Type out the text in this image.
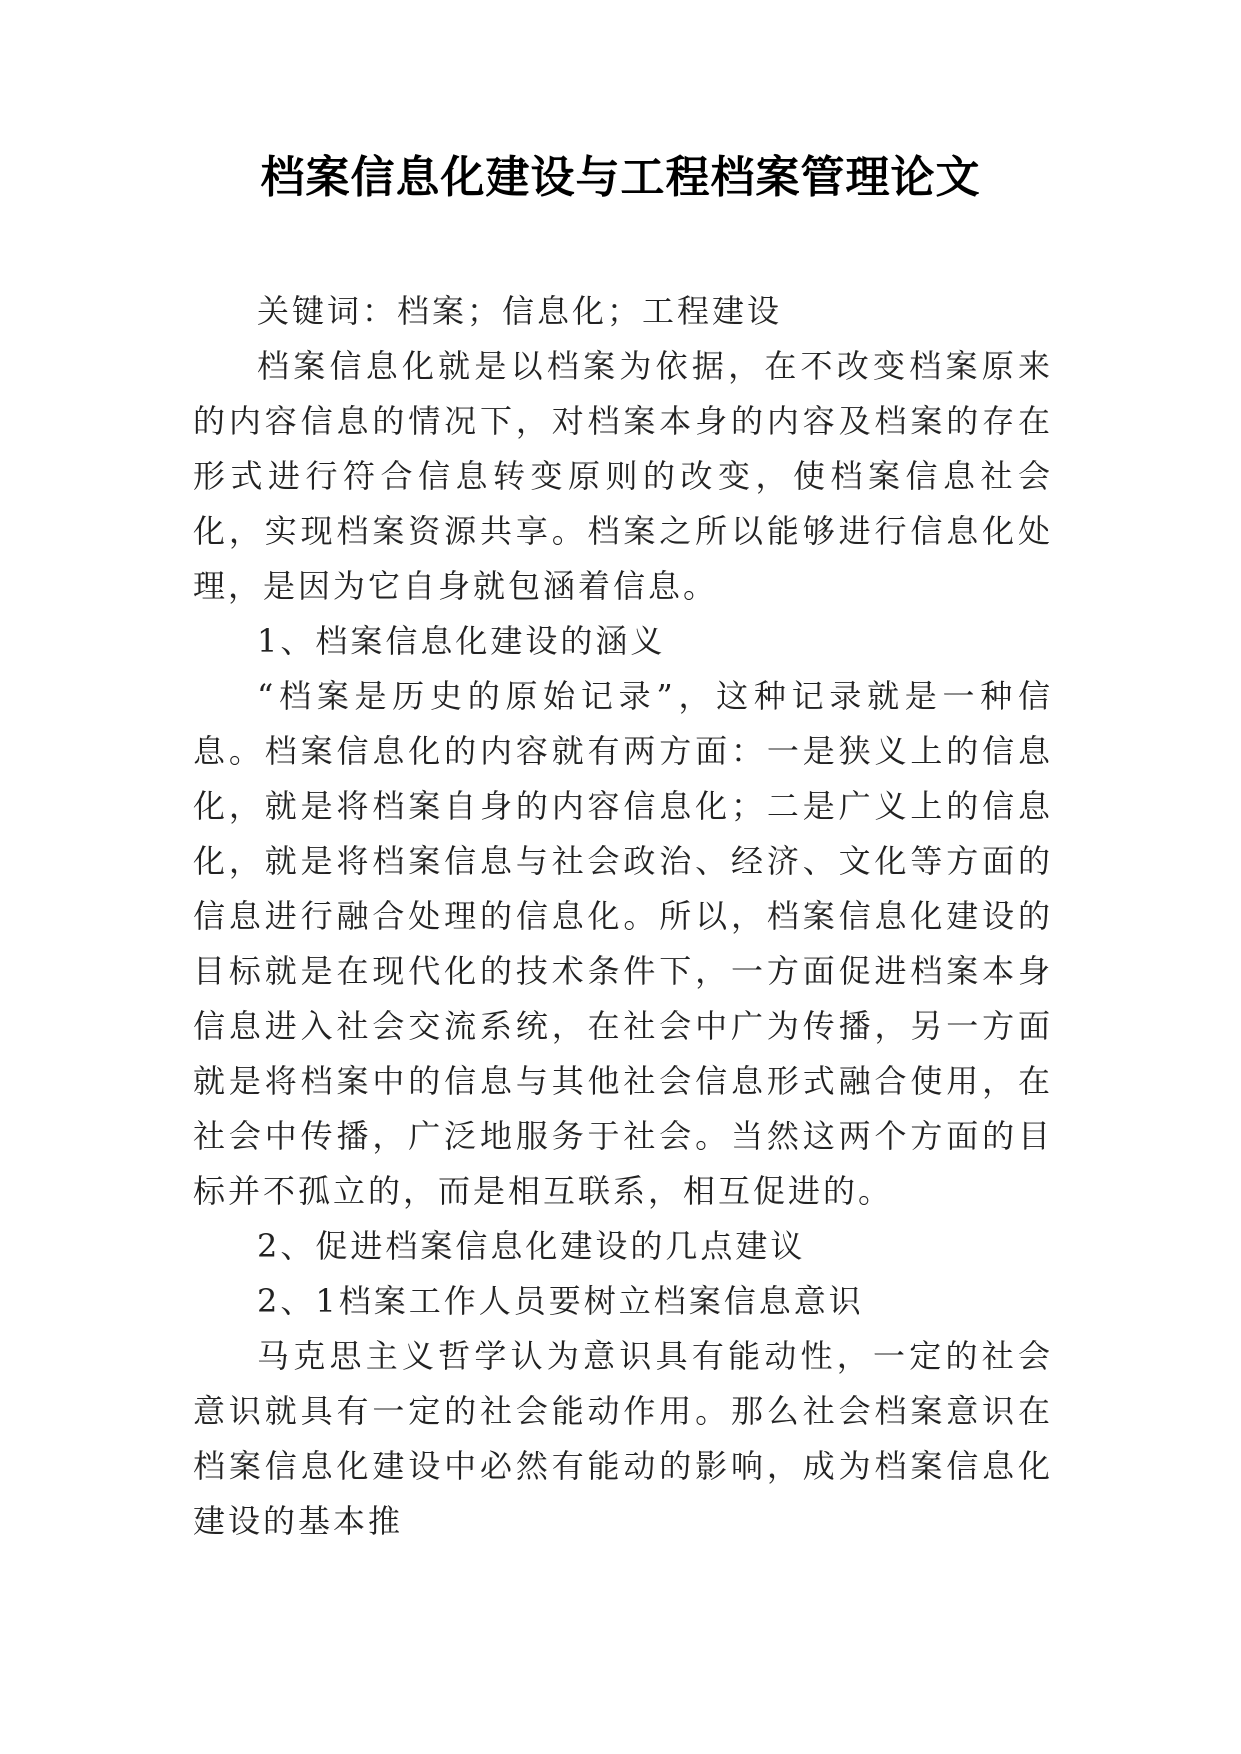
档案信息化建设与工程档案管理论文

关键词：档案；信息化；工程建设

档案信息化就是以档案为依据，在不改变档案原来的内容信息的情况下，对档案本身的内容及档案的存在形式进行符合信息转变原则的改变，使档案信息社会化，实现档案资源共享。档案之所以能够进行信息化处理，是因为它自身就包涵着信息。

1、档案信息化建设的涵义

“档案是历史的原始记录”，这种记录就是一种信息。档案信息化的内容就有两方面：一是狭义上的信息化，就是将档案自身的内容信息化；二是广义上的信息化，就是将档案信息与社会政治、经济、文化等方面的信息进行融合处理的信息化。所以，档案信息化建设的目标就是在现代化的技术条件下，一方面促进档案本身信息进入社会交流系统，在社会中广为传播，另一方面就是将档案中的信息与其他社会信息形式融合使用，在社会中传播，广泛地服务于社会。当然这两个方面的目标并不孤立的，而是相互联系，相互促进的。

2、促进档案信息化建设的几点建议

2、1档案工作人员要树立档案信息意识

马克思主义哲学认为意识具有能动性，一定的社会意识就具有一定的社会能动作用。那么社会档案意识在档案信息化建设中必然有能动的影响，成为档案信息化建设的基本推
